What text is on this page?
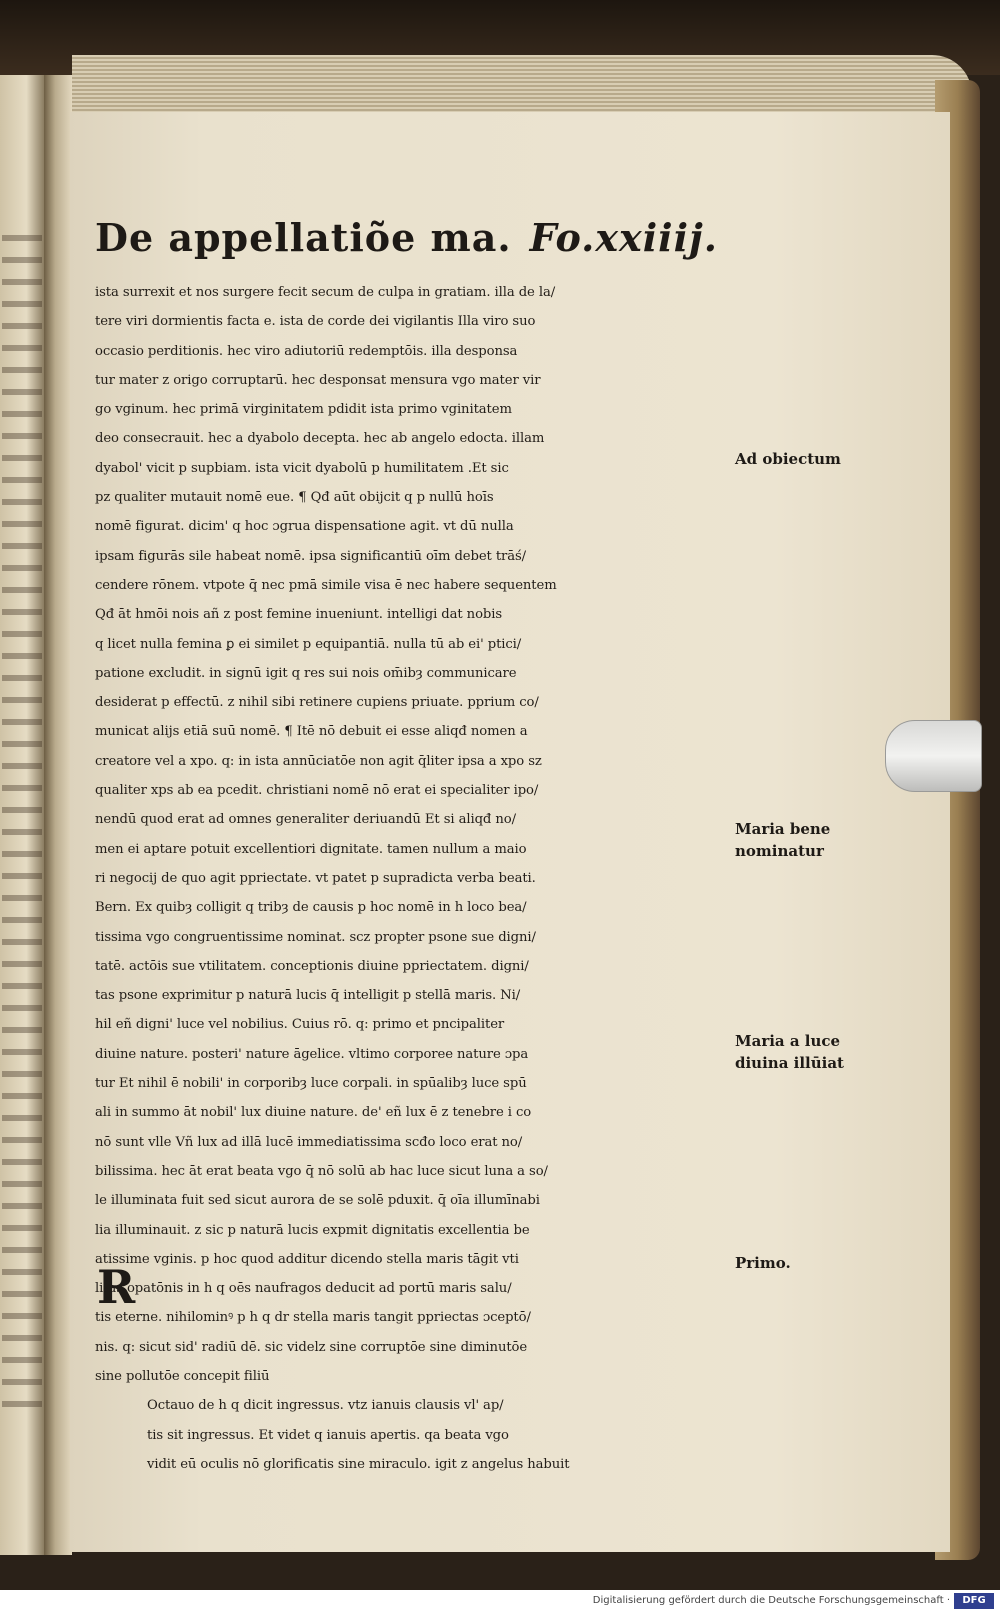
De appellatiõe ma. Fo.xxiiij.
ista surrexit et nos surgere fecit secum de culpa in gratiam. illa de la/
tere viri dormientis facta e. ista de corde dei vigilantis Illa viro suo
occasio perditionis. hec viro adiutoriū redemptōis. illa desponsa
tur mater z origo corruptarū. hec desponsat mensura vgo mater vir
go vginum. hec primā virginitatem pdidit ista primo vginitatem
deo consecrauit. hec a dyabolo decepta. hec ab angelo edocta. illam
dyabol' vicit p supbiam. ista vicit dyabolū p humilitatem .Et sic
pz qualiter mutauit nomē eue. ¶ Qđ aūt obijcit q p nullū hoīs
nomē figurat. dicim' q hoc ɔgrua dispensatione agit. vt dū nulla
ipsam figurās sile habeat nomē. ipsa significantiū oīm debet trāś/
cendere rōnem. vtpote q̄ nec pmā simile visa ē nec habere sequentem
Qđ āt hmōi nois añ z post femine inueniunt. intelligi dat nobis
q licet nulla femina ꝑ ei similet p equipantiā. nulla tū ab ei' ptici/
patione excludit. in signū igit q res sui nois om̄ibȝ communicare
desiderat p effectū. z nihil sibi retinere cupiens priuate. pprium co/
municat alijs etiā suū nomē. ¶ Itē nō debuit ei esse aliqđ nomen a
creatore vel a xpo. q: in ista annūciatōe non agit q̄liter ipsa a xpo sz
qualiter xps ab ea pcedit. christiani nomē nō erat ei specialiter ipo/
nendū quod erat ad omnes generaliter deriuandū Et si aliqđ no/
men ei aptare potuit excellentiori dignitate. tamen nullum a maio
ri negocij de quo agit ppriectate. vt patet p supradicta verba beati.
Bern. Ex quibȝ colligit q tribȝ de causis p hoc nomē in h loco bea/
tissima vgo congruentissime nominat. scz propter psone sue digni/
tatē. actōis sue vtilitatem. conceptionis diuine ppriectatem. digni/
tas psone exprimitur p naturā lucis q̄ intelligit p stellā maris. Ni/
hil eñ digni' luce vel nobilius. Cuius rō. q: primo et pncipaliter
diuine nature. posteri' nature āgelice. vltimo corporee nature ɔpa
tur Et nihil ē nobili' in corporibȝ luce corpali. in spūalibȝ luce spū
ali in summo āt nobil' lux diuine nature. de' eñ lux ē z tenebre i co
nō sunt vlle Vñ lux ad illā lucē immediatissima scđo loco erat no/
bilissima. hec āt erat beata vgo q̄ nō solū ab hac luce sicut luna a so/
le illuminata fuit sed sicut aurora de se solē pduxit. q̄ oīa illumīnabi
lia illuminauit. z sic p naturā lucis expmit dignitatis excellentia be
atissime vginis. p hoc quod additur dicendo stella maris tāgit vti
litas opatōnis in h q oēs naufragos deducit ad portū maris salu/
tis eterne. nihilominꝰ p h q dr stella maris tangit ppriectas ɔceptō/
nis. q: sicut sid' radiū dē. sic videlz sine corruptōe sine diminutōe
sine pollutōe concepit filiū
Octauo de h q dicit ingressus. vtz ianuis clausis vl' ap/
tis sit ingressus. Et videt q ianuis apertis. qa beata vgo
vidit eū oculis nō glorificatis sine miraculo. igit z angelus habuit
R
Ad obiectum
Maria bene
nominatur
Maria a luce
diuina illūiat
Primo.
Digitalisierung gefördert durch die Deutsche Forschungsgemeinschaft ·	DFG
